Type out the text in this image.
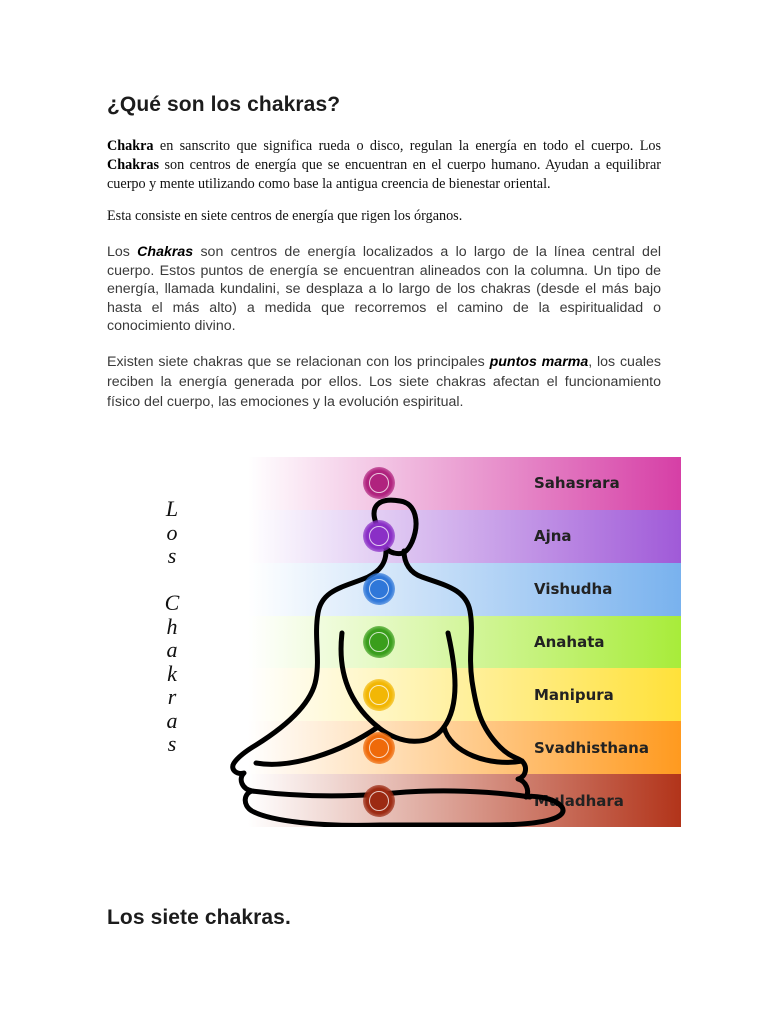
¿Qué son los chakras?

Chakra en sanscrito que significa rueda o disco, regulan la energía en todo el cuerpo. Los Chakras son centros de energía que se encuentran en el cuerpo humano. Ayudan a equilibrar cuerpo y mente utilizando como base la antigua creencia de bienestar oriental.

Esta consiste en siete centros de energía que rigen los órganos.

Los Chakras son centros de energía localizados a lo largo de la línea central del cuerpo. Estos puntos de energía se encuentran alineados con la columna. Un tipo de energía, llamada kundalini, se desplaza a lo largo de los chakras (desde el más bajo hasta el más alto) a medida que recorremos el camino de la espiritualidad o conocimiento divino.

Existen siete chakras que se relacionan con los principales puntos marma, los cuales reciben la energía generada por ellos. Los siete chakras afectan el funcionamiento físico del cuerpo, las emociones y la evolución espiritual.

L
o
s

C
h
a
k
r
a
s
Sahasrara
Ajna
Vishudha
Anahata
Manipura
Svadhisthana
Muladhara
Los siete chakras.
